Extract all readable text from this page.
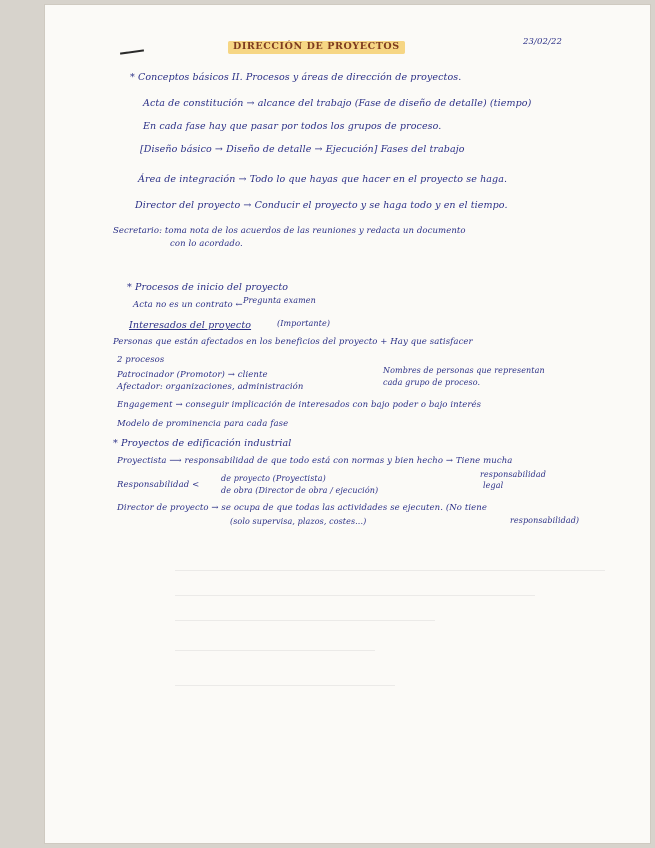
DIRECCIÓN DE PROYECTOS	23/02/22
* Conceptos básicos II. Procesos y áreas de dirección de proyectos.
Acta de constitución → alcance del trabajo (Fase de diseño de detalle) (tiempo)
En cada fase hay que pasar por todos los grupos de proceso.
[Diseño básico → Diseño de detalle → Ejecución] Fases del trabajo
Área de integración → Todo lo que hayas que hacer en el proyecto se haga.
Director del proyecto → Conducir el proyecto y se haga todo y en el tiempo.
Secretario: toma nota de los acuerdos de las reuniones y redacta un documento
con lo acordado.
* Procesos de inicio del proyecto
Acta no es un contrato ← Pregunta examen
Interesados del proyecto	(Importante)
Personas que están afectados en los beneficios del proyecto + Hay que satisfacer
2 procesos
Patrocinador (Promotor) → cliente
Afectador: organizaciones, administración
Nombres de personas que representan
cada grupo de proceso.
Engagement → conseguir implicación de interesados con bajo poder o bajo interés
Modelo de prominencia para cada fase
* Proyectos de edificación industrial
Proyectista ⟶ responsabilidad de que todo está con normas y bien hecho → Tiene mucha
responsabilidad
legal
Responsabilidad <
de proyecto (Proyectista)
de obra (Director de obra / ejecución)
Director de proyecto → se ocupa de que todas las actividades se ejecuten. (No tiene
responsabilidad)
(solo supervisa, plazos, costes...)
